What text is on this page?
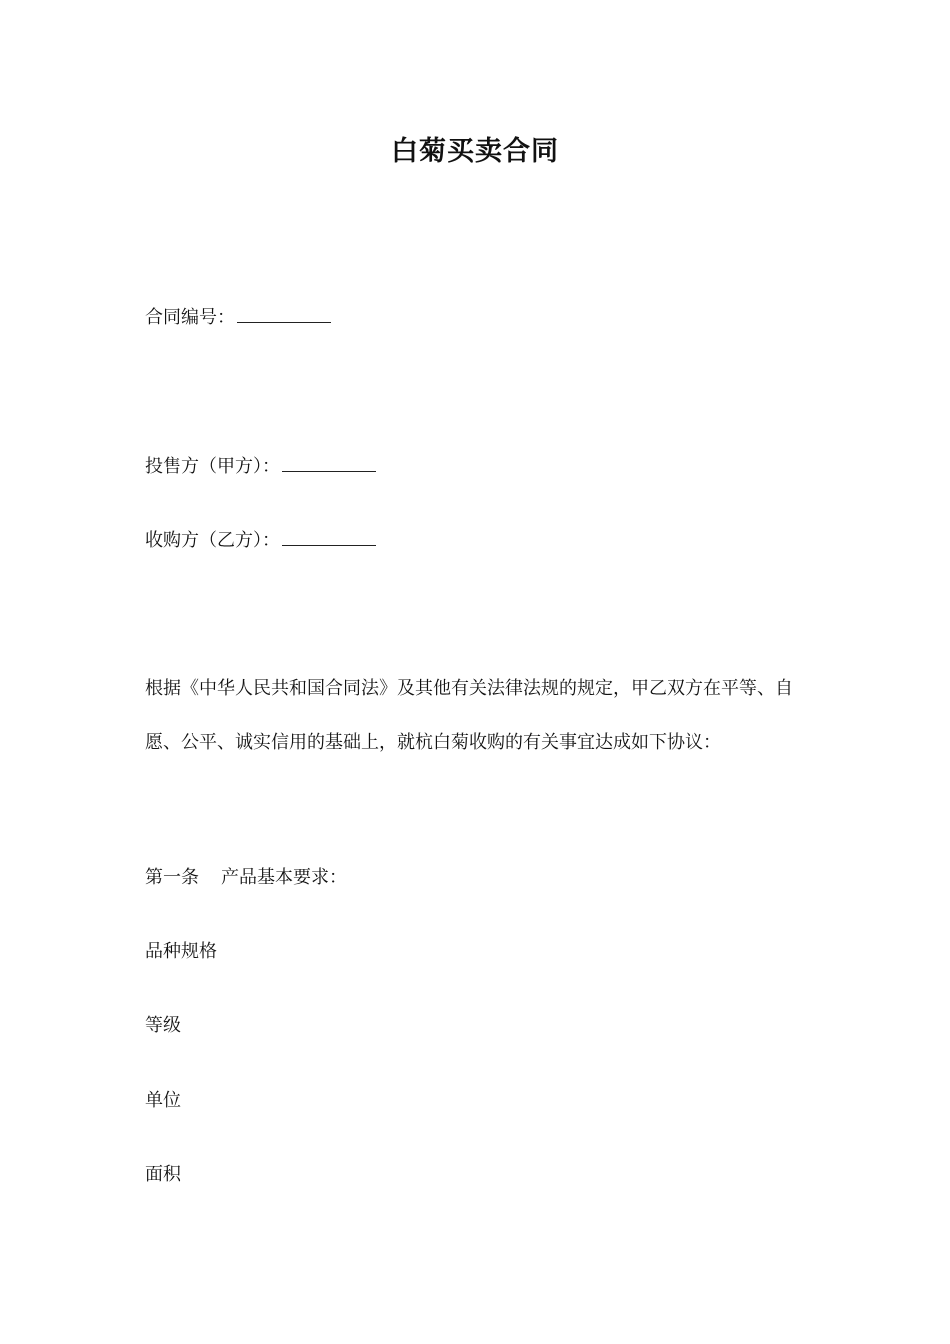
白菊买卖合同
合同编号：
投售方（甲方）：
收购方（乙方）：
根据《中华人民共和国合同法》及其他有关法律法规的规定，甲乙双方在平等、自愿、公平、诚实信用的基础上，就杭白菊收购的有关事宜达成如下协议：
第一条 产品基本要求：
品种规格
等级
单位
面积
